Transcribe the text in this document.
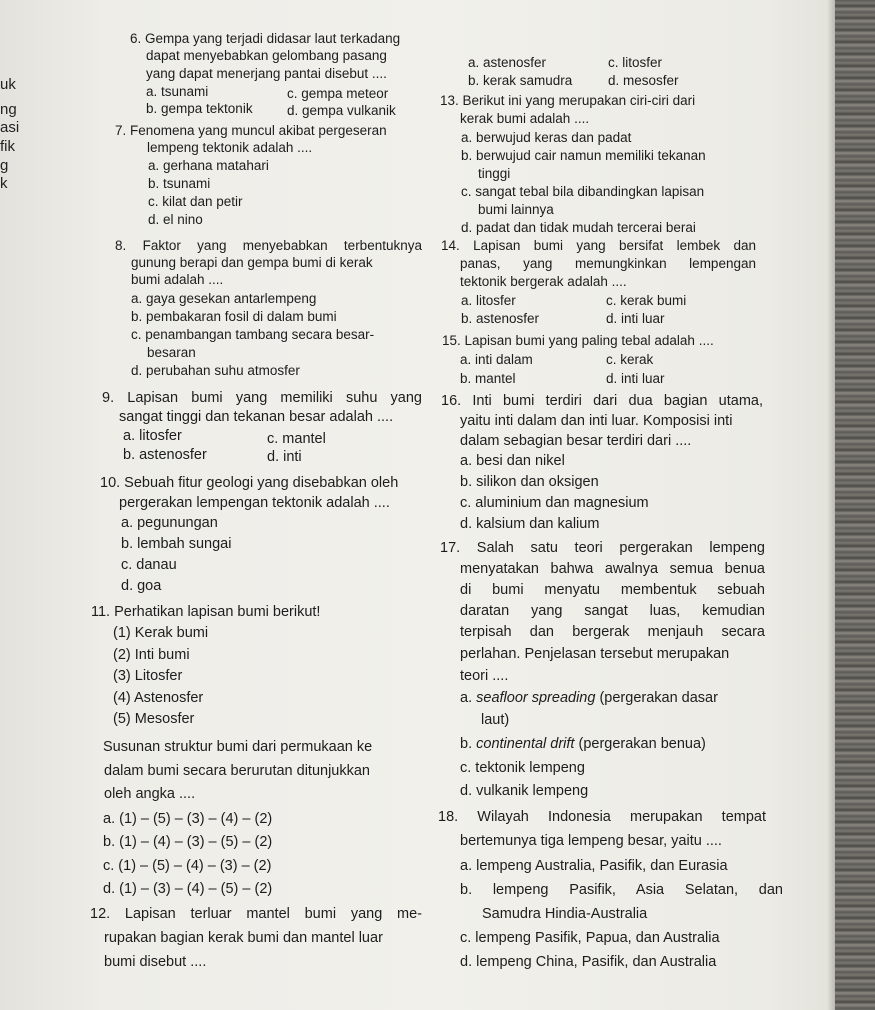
uk
ng
asi
fik
g
k
6. Gempa yang terjadi didasar laut terkadang
dapat menyebabkan gelombang pasang
yang dapat menerjang pantai disebut ....
a. tsunami	c. gempa meteor
b. gempa tektonik	d. gempa vulkanik
7. Fenomena yang muncul akibat pergeseran
lempeng tektonik adalah ....
a. gerhana matahari
b. tsunami
c. kilat dan petir
d. el nino
8. Faktor yang menyebabkan terbentuknya
gunung berapi dan gempa bumi di kerak
bumi adalah ....
a. gaya gesekan antarlempeng
b. pembakaran fosil di dalam bumi
c. penambangan tambang secara besar-
besaran
d. perubahan suhu atmosfer
9. Lapisan bumi yang memiliki suhu yang
sangat tinggi dan tekanan besar adalah ....
a. litosfer	c. mantel
b. astenosfer	d. inti
10. Sebuah fitur geologi yang disebabkan oleh
pergerakan lempengan tektonik adalah ....
a. pegunungan
b. lembah sungai
c. danau
d. goa
11. Perhatikan lapisan bumi berikut!
(1) Kerak bumi
(2) Inti bumi
(3) Litosfer
(4) Astenosfer
(5) Mesosfer
Susunan struktur bumi dari permukaan ke
dalam bumi secara berurutan ditunjukkan
oleh angka ....
a. (1) – (5) – (3) – (4) – (2)
b. (1) – (4) – (3) – (5) – (2)
c. (1) – (5) – (4) – (3) – (2)
d. (1) – (3) – (4) – (5) – (2)
12. Lapisan terluar mantel bumi yang me-
rupakan bagian kerak bumi dan mantel luar
bumi disebut ....
a. astenosfer	c. litosfer
b. kerak samudra	d. mesosfer
13. Berikut ini yang merupakan ciri-ciri dari
kerak bumi adalah ....
a. berwujud keras dan padat
b. berwujud cair namun memiliki tekanan
tinggi
c. sangat tebal bila dibandingkan lapisan
bumi lainnya
d. padat dan tidak mudah tercerai berai
14. Lapisan bumi yang bersifat lembek dan
panas, yang memungkinkan lempengan
tektonik bergerak adalah ....
a. litosfer	c. kerak bumi
b. astenosfer	d. inti luar
15. Lapisan bumi yang paling tebal adalah ....
a. inti dalam	c. kerak
b. mantel	d. inti luar
16. Inti bumi terdiri dari dua bagian utama,
yaitu inti dalam dan inti luar. Komposisi inti
dalam sebagian besar terdiri dari ....
a. besi dan nikel
b. silikon dan oksigen
c. aluminium dan magnesium
d. kalsium dan kalium
17. Salah satu teori pergerakan lempeng
menyatakan bahwa awalnya semua benua
di bumi menyatu membentuk sebuah
daratan yang sangat luas, kemudian
terpisah dan bergerak menjauh secara
perlahan. Penjelasan tersebut merupakan
teori ....
a. seafloor spreading (pergerakan dasar
laut)
b. continental drift (pergerakan benua)
c. tektonik lempeng
d. vulkanik lempeng
18. Wilayah Indonesia merupakan tempat
bertemunya tiga lempeng besar, yaitu ....
a. lempeng Australia, Pasifik, dan Eurasia
b. lempeng Pasifik, Asia Selatan, dan
Samudra Hindia-Australia
c. lempeng Pasifik, Papua, dan Australia
d. lempeng China, Pasifik, dan Australia
